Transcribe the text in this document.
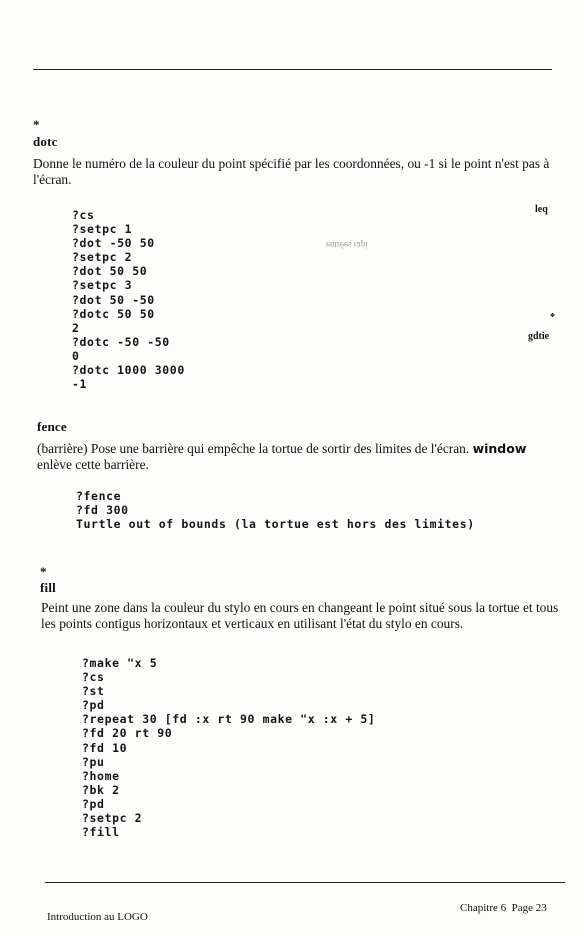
*
dotc
Donne le numéro de la couleur du point spécifié par les coordonnées, ou -1 si le point n'est pas à l'écran.
?cs
?setpc 1
?dot -50 50
?setpc 2
?dot 50 50
?setpc 3
?dot 50 -50
?dotc 50 50
2
?dotc -50 -50
0
?dotc 1000 3000
-1
leq
entrées rapi
*
gdtie
fence
(barrière) Pose une barrière qui empêche la tortue de sortir des limites de l'écran. window enlève cette barrière.
?fence
?fd 300
Turtle out of bounds (la tortue est hors des limites)
*
fill
Peint une zone dans la couleur du stylo en cours en changeant le point situé sous la tortue et tous les points contigus horizontaux et verticaux en utilisant l'état du stylo en cours.
?make "x 5
?cs
?st
?pd
?repeat 30 [fd :x rt 90 make "x :x + 5]
?fd 20 rt 90
?fd 10
?pu
?home
?bk 2
?pd
?setpc 2
?fill
Introduction au LOGO
Chapitre 6 Page 23
